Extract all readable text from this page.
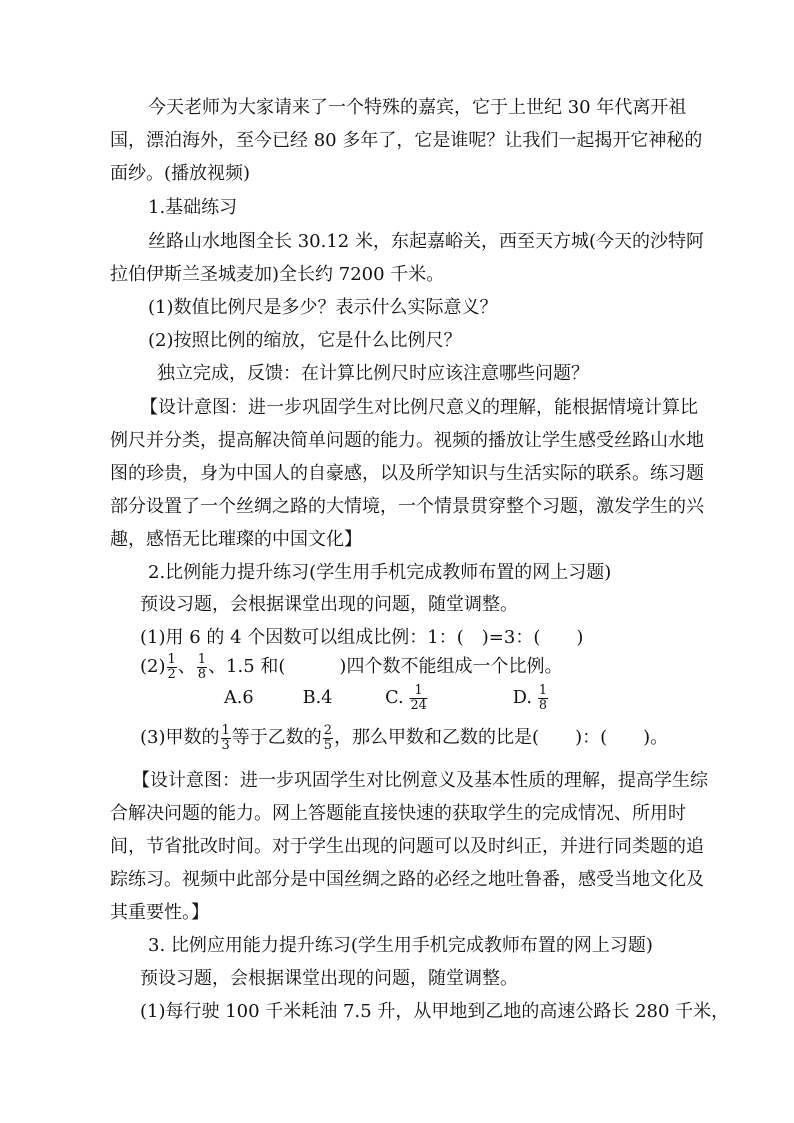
今天老师为大家请来了一个特殊的嘉宾，它于上世纪 30 年代离开祖
国，漂泊海外，至今已经 80 多年了，它是谁呢？让我们一起揭开它神秘的
面纱。(播放视频)
1.基础练习
丝路山水地图全长 30.12 米，东起嘉峪关，西至天方城(今天的沙特阿
拉伯伊斯兰圣城麦加)全长约 7200 千米。
(1)数值比例尺是多少？表示什么实际意义？
(2)按照比例的缩放，它是什么比例尺？
独立完成，反馈：在计算比例尺时应该注意哪些问题？
【设计意图：进一步巩固学生对比例尺意义的理解，能根据情境计算比
例尺并分类，提高解决简单问题的能力。视频的播放让学生感受丝路山水地
图的珍贵，身为中国人的自豪感，以及所学知识与生活实际的联系。练习题
部分设置了一个丝绸之路的大情境，一个情景贯穿整个习题，激发学生的兴
趣，感悟无比璀璨的中国文化】
2.比例能力提升练习(学生用手机完成教师布置的网上习题)
预设习题，会根据课堂出现的问题，随堂调整。
(1)用 6 的 4 个因数可以组成比例：1：(　)=3：(　　)
$(2) \frac{1}{2}$ 、 $\frac{1}{8}$ 、1.5 和(　　　)四个数不能组成一个比例。
A.6	B.4	C. $\frac{1}{24}$	D. $\frac{1}{8}$
(3)甲数的 $\frac{1}{3}$ 等于乙数的 $\frac{2}{5}$ ，那么甲数和乙数的比是(　　)：(　　)。
【设计意图：进一步巩固学生对比例意义及基本性质的理解，提高学生综
合解决问题的能力。网上答题能直接快速的获取学生的完成情况、所用时
间，节省批改时间。对于学生出现的问题可以及时纠正，并进行同类题的追
踪练习。视频中此部分是中国丝绸之路的必经之地吐鲁番，感受当地文化及
其重要性。】
3. 比例应用能力提升练习(学生用手机完成教师布置的网上习题)
预设习题，会根据课堂出现的问题，随堂调整。
(1)每行驶 100 千米耗油 7.5 升，从甲地到乙地的高速公路长 280 千米，
